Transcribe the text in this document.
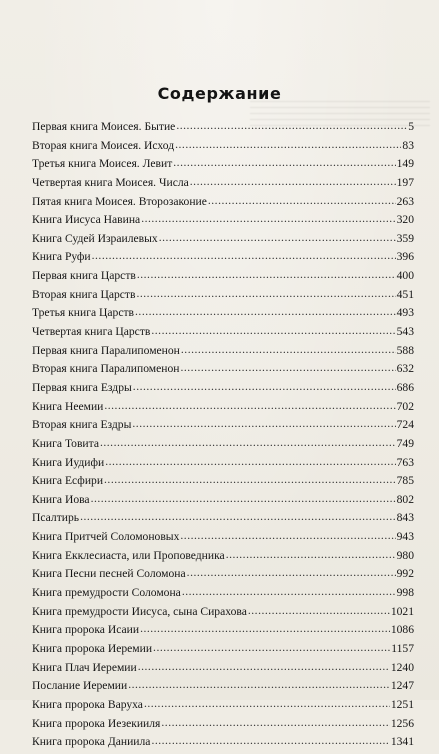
Содержание
Первая книга Моисея. Бытие .....	5
Вторая книга Моисея. Исход .....	83
Третья книга Моисея. Левит .....	149
Четвертая книга Моисея. Числа .....	197
Пятая книга Моисея. Второзаконие .....	263
Книга Иисуса Навина .....	320
Книга Судей Израилевых .....	359
Книга Руфи .....	396
Первая книга Царств .....	400
Вторая книга Царств .....	451
Третья книга Царств .....	493
Четвертая книга Царств .....	543
Первая книга Паралипоменон .....	588
Вторая книга Паралипоменон .....	632
Первая книга Ездры .....	686
Книга Неемии .....	702
Вторая книга Ездры .....	724
Книга Товита .....	749
Книга Иудифи .....	763
Книга Есфири .....	785
Книга Иова .....	802
Псалтирь .....	843
Книга Притчей Соломоновых .....	943
Книга Екклесиаста, или Проповедника .....	980
Книга Песни песней Соломона .....	992
Книга премудрости Соломона .....	998
Книга премудрости Иисуса, сына Сирахова .....	1021
Книга пророка Исаии .....	1086
Книга пророка Иеремии .....	1157
Книга Плач Иеремии .....	1240
Послание Иеремии .....	1247
Книга пророка Варуха .....	1251
Книга пророка Иезекииля .....	1256
Книга пророка Даниила .....	1341
